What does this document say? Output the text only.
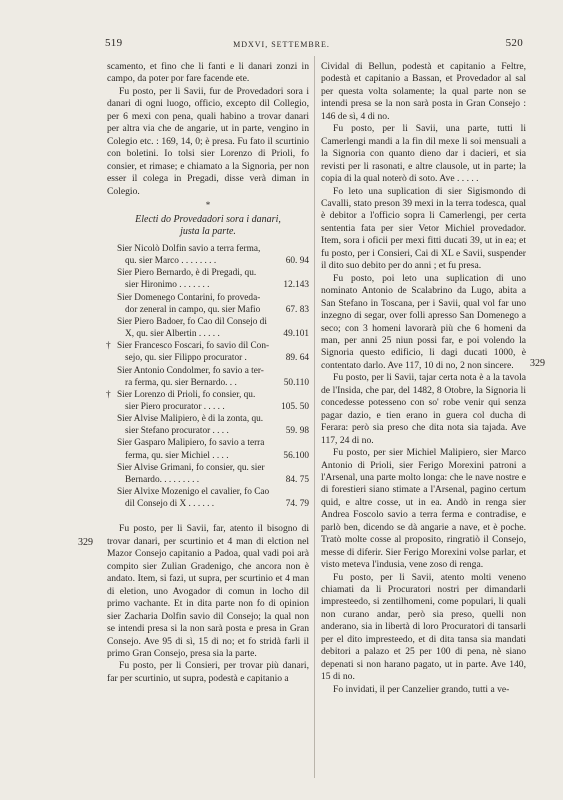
519	MDXVI, SETTEMBRE.	520

scamento, et fino che li fanti e li danari zonzi in campo, da poter por fare facende ete.

Fu posto, per li Savii, fur de Provedadori sora i danari di ogni luogo, officio, excepto dil Collegio, per 6 mexi con pena, quali habino a trovar danari per altra via che de angarie, ut in parte, vengino in Colegio etc. : 169, 14, 0; è presa. Fu fato il scurtinio con boletini. Io tolsi sier Lorenzo di Prioli, fo consier, et rimase; e chiamato a la Signoria, per non esser il colega in Pregadi, disse verà diman in Colegio.

*
Electi do Provedadori sora i danari,
justa la parte.
Sier Nicolò Dolfin savio a terra ferma,
qu. sier Marco . . . . . . . .	60. 94
Sier Piero Bernardo, è di Pregadi, qu.
sier Hironimo . . . . . . .	12.143
Sier Domenego Contarini, fo proveda-
dor zeneral in campo, qu. sier Mafio	67. 83
Sier Piero Badoer, fo Cao dil Consejo di
X, qu. sier Albertin . . . . .	49.101
† Sier Francesco Foscari, fo savio dil Con-
sejo, qu. sier Filippo procurator .	89. 64
Sier Antonio Condolmer, fo savio a ter-
ra ferma, qu. sier Bernardo. . .	50.110
† Sier Lorenzo di Prioli, fo consier, qu.
sier Piero procurator . . . . .	105. 50
Sier Alvise Malipiero, è di la zonta, qu.
sier Stefano procurator . . . .	59. 98
Sier Gasparo Malipiero, fo savio a terra
ferma, qu. sier Michiel . . . .	56.100
Sier Alvise Grimani, fo consier, qu. sier
Bernardo. . . . . . . . .	84. 75
Sier Alvixe Mozenigo el cavalier, fo Cao
dil Consejo di X . . . . . .	74. 79

Fu posto, per li Savii, far, atento il bisogno di trovar danari, per scurtinio et 4 man di elction nel Mazor Consejo capitanio a Padoa, qual vadi poi arà compito sier Zulian Gradenigo, che ancora non è andato. Item, si fazi, ut supra, per scurtinio et 4 man di eletion, uno Avogador di comun in locho dil primo vachante. Et in dita parte non fo di opinion sier Zacharia Dolfin savio dil Consejo; la qual non se intendi presa si la non sarà posta e presa in Gran Consejo. Ave 95 di sì, 15 di no; et fo stridà farli il primo Gran Consejo, presa sia la parte.

Fu posto, per li Consieri, per trovar più danari, far per scurtinio, ut supra, podestà e capitanio a

329
329

Cividal di Bellun, podestà et capitanio a Feltre, podestà et capitanio a Bassan, et Provedador al sal per questa volta solamente; la qual parte non se intendi presa se la non sarà posta in Gran Consejo : 146 de sì, 4 di no.

Fu posto, per li Savii, una parte, tutti li Camerlengi mandi a la fin dil mexe li soi mensuali a la Signoria con quanto dieno dar i dacieri, et sia revisti per li rasonati, e altre clausole, ut in parte; la copia di la qual noterò di soto. Ave . . . . .

Fo leto una suplication di sier Sigismondo di Cavalli, stato preson 39 mexi in la terra todesca, qual è debitor a l'officio sopra li Camerlengi, per certa sententia fata per sier Vetor Michiel provedador. Item, sora i oficii per mexi fitti ducati 39, ut in ea; et fu posto, per i Consieri, Cai di XL e Savii, suspender il dito suo debito per do anni ; et fu presa.

Fu posto, poi leto una suplication di uno nominato Antonio de Scalabrino da Lugo, abita a San Stefano in Toscana, per i Savii, qual vol far uno inzegno di segar, over folli apresso San Domenego a seco; con 3 homeni lavorarà più che 6 homeni da man, per anni 25 niun possi far, e poi volendo la Signoria questo edificio, li dagi ducati 1000, è contentato darlo. Ave 117, 10 di no, 2 non sincere.

Fu posto, per li Savii, tajar certa nota è a la tavola de l'Insida, che par, del 1482, 8 Otobre, la Signoria li concedesse potesseno con so' robe venir qui senza pagar dazio, e tien erano in guera col ducha di Ferara: però sia preso che dita nota sia tajada. Ave 117, 24 di no.

Fu posto, per sier Michiel Malipiero, sier Marco Antonio di Prioli, sier Ferigo Morexini patroni a l'Arsenal, una parte molto longa: che le nave nostre e di forestieri siano stimate a l'Arsenal, pagino certum quid, e altre cosse, ut in ea. Andò in renga sier Andrea Foscolo savio a terra ferma e contradise, e parlò ben, dicendo se dà angarie a nave, et è poche. Tratò molte cosse al proposito, ringratiò il Consejo, messe di diferir. Sier Ferigo Morexini volse parlar, et visto meteva l'indusia, vene zoso di renga.

Fu posto, per li Savii, atento molti veneno chiamati da li Procuratori nostri per dimandarli impresteedo, si zentilhomeni, come populari, li quali non curano andar, però sia preso, quelli non anderano, sia in libertà di loro Procuratori di tansarli per el dito impresteedo, et di dita tansa sia mandati debitori a palazo et 25 per 100 di pena, nè siano depenati si non harano pagato, ut in parte. Ave 140, 15 di no.

Fo invidati, il per Canzelier grando, tutti a ve-
